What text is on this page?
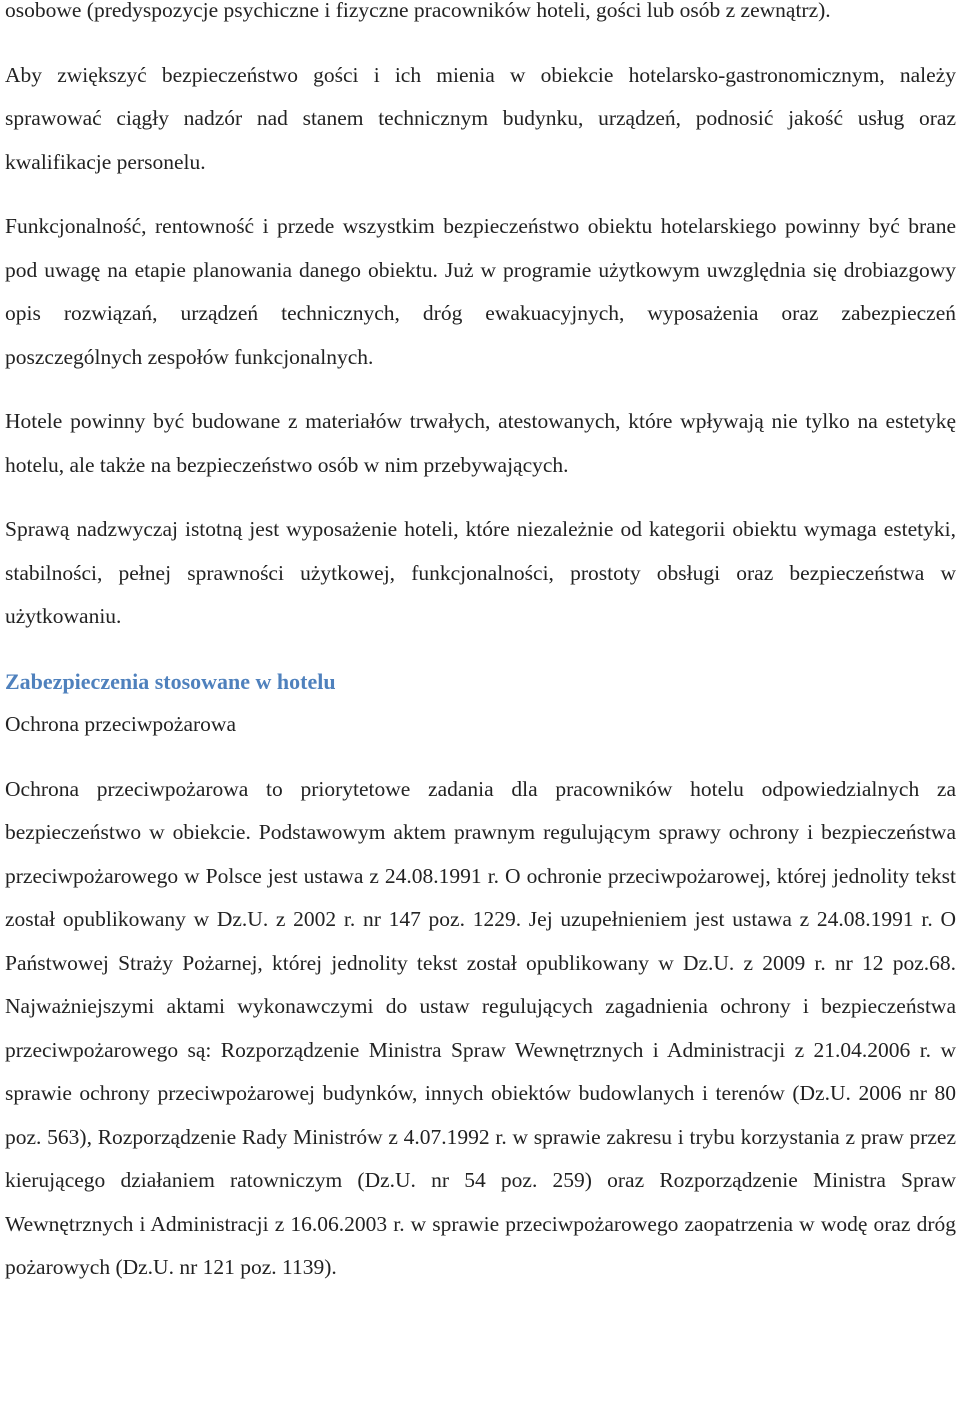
osobowe (predyspozycje psychiczne i fizyczne pracowników hoteli, gości lub osób z zewnątrz).

Aby zwiększyć bezpieczeństwo gości i ich mienia w obiekcie hotelarsko-gastronomicznym, należy sprawować ciągły nadzór nad stanem technicznym budynku, urządzeń, podnosić jakość usług oraz kwalifikacje personelu.

Funkcjonalność, rentowność i przede wszystkim bezpieczeństwo obiektu hotelarskiego powinny być brane pod uwagę na etapie planowania danego obiektu. Już w programie użytkowym uwzględnia się drobiazgowy opis rozwiązań, urządzeń technicznych, dróg ewakuacyjnych, wyposażenia oraz zabezpieczeń poszczególnych zespołów funkcjonalnych.

Hotele powinny być budowane z materiałów trwałych, atestowanych, które wpływają nie tylko na estetykę hotelu, ale także na bezpieczeństwo osób w nim przebywających.

Sprawą nadzwyczaj istotną jest wyposażenie hoteli, które niezależnie od kategorii obiektu wymaga estetyki, stabilności, pełnej sprawności użytkowej, funkcjonalności, prostoty obsługi oraz bezpieczeństwa w użytkowaniu.

Zabezpieczenia stosowane w hotelu

Ochrona przeciwpożarowa

Ochrona przeciwpożarowa to priorytetowe zadania dla pracowników hotelu odpowiedzialnych za bezpieczeństwo w obiekcie. Podstawowym aktem prawnym regulującym sprawy ochrony i bezpieczeństwa przeciwpożarowego w Polsce jest ustawa z 24.08.1991 r. O ochronie przeciwpożarowej, której jednolity tekst został opublikowany w Dz.U. z 2002 r. nr 147 poz. 1229. Jej uzupełnieniem jest ustawa z 24.08.1991 r. O Państwowej Straży Pożarnej, której jednolity tekst został opublikowany w Dz.U. z 2009 r. nr 12 poz.68. Najważniejszymi aktami wykonawczymi do ustaw regulujących zagadnienia ochrony i bezpieczeństwa przeciwpożarowego są: Rozporządzenie Ministra Spraw Wewnętrznych i Administracji z 21.04.2006 r. w sprawie ochrony przeciwpożarowej budynków, innych obiektów budowlanych i terenów (Dz.U. 2006 nr 80 poz. 563), Rozporządzenie Rady Ministrów z 4.07.1992 r. w sprawie zakresu i trybu korzystania z praw przez kierującego działaniem ratowniczym (Dz.U. nr 54 poz. 259) oraz Rozporządzenie Ministra Spraw Wewnętrznych i Administracji z 16.06.2003 r. w sprawie przeciwpożarowego zaopatrzenia w wodę oraz dróg pożarowych (Dz.U. nr 121 poz. 1139).
